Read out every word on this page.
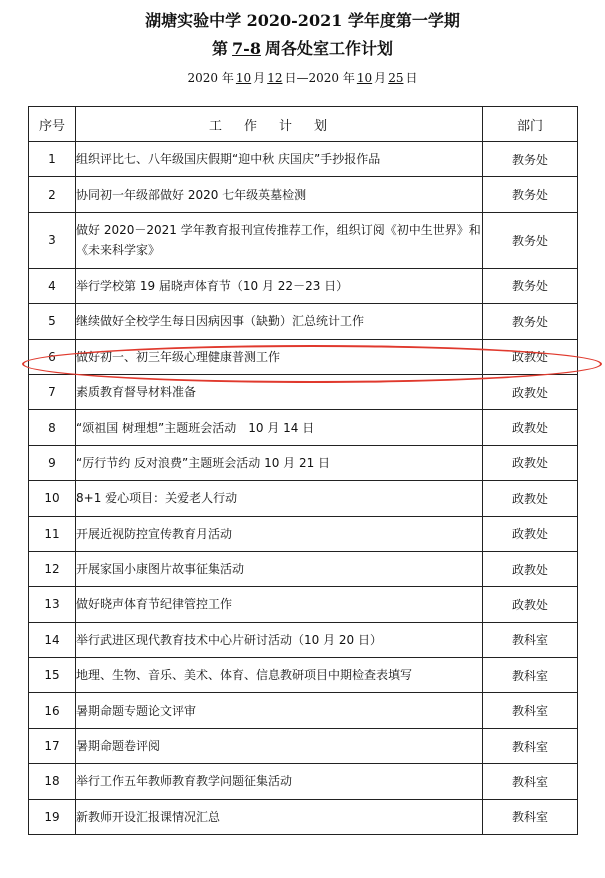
湖塘实验中学 2020-2021 学年度第一学期
第 7-8 周各处室工作计划
2020 年 10 月 12 日—2020 年 10 月 25 日
序号	工作计划	部门
1	组织评比七、八年级国庆假期“迎中秋 庆国庆”手抄报作品	教务处
2	协同初一年级部做好 2020 七年级英墓检测	教务处
3	做好 2020－2021 学年教育报刊宣传推荐工作，组织订阅《初中生世界》和《未来科学家》	教务处
4	举行学校第 19 届晓声体育节（10 月 22－23 日）	教务处
5	继续做好全校学生每日因病因事（缺勤）汇总统计工作	教务处
6	做好初一、初三年级心理健康普测工作	政教处
7	素质教育督导材料准备	政教处
8	“颂祖国 树理想”主题班会活动　10 月 14 日	政教处
9	“厉行节约 反对浪费”主题班会活动 10 月 21 日	政教处
10	8+1 爱心项目：关爱老人行动	政教处
11	开展近视防控宣传教育月活动	政教处
12	开展家国小康图片故事征集活动	政教处
13	做好晓声体育节纪律管控工作	政教处
14	举行武进区现代教育技术中心片研讨活动（10 月 20 日）	教科室
15	地理、生物、音乐、美术、体育、信息教研项目中期检查表填写	教科室
16	暑期命题专题论文评审	教科室
17	暑期命题卷评阅	教科室
18	举行工作五年教师教育教学问题征集活动	教科室
19	新教师开设汇报课情况汇总	教科室
